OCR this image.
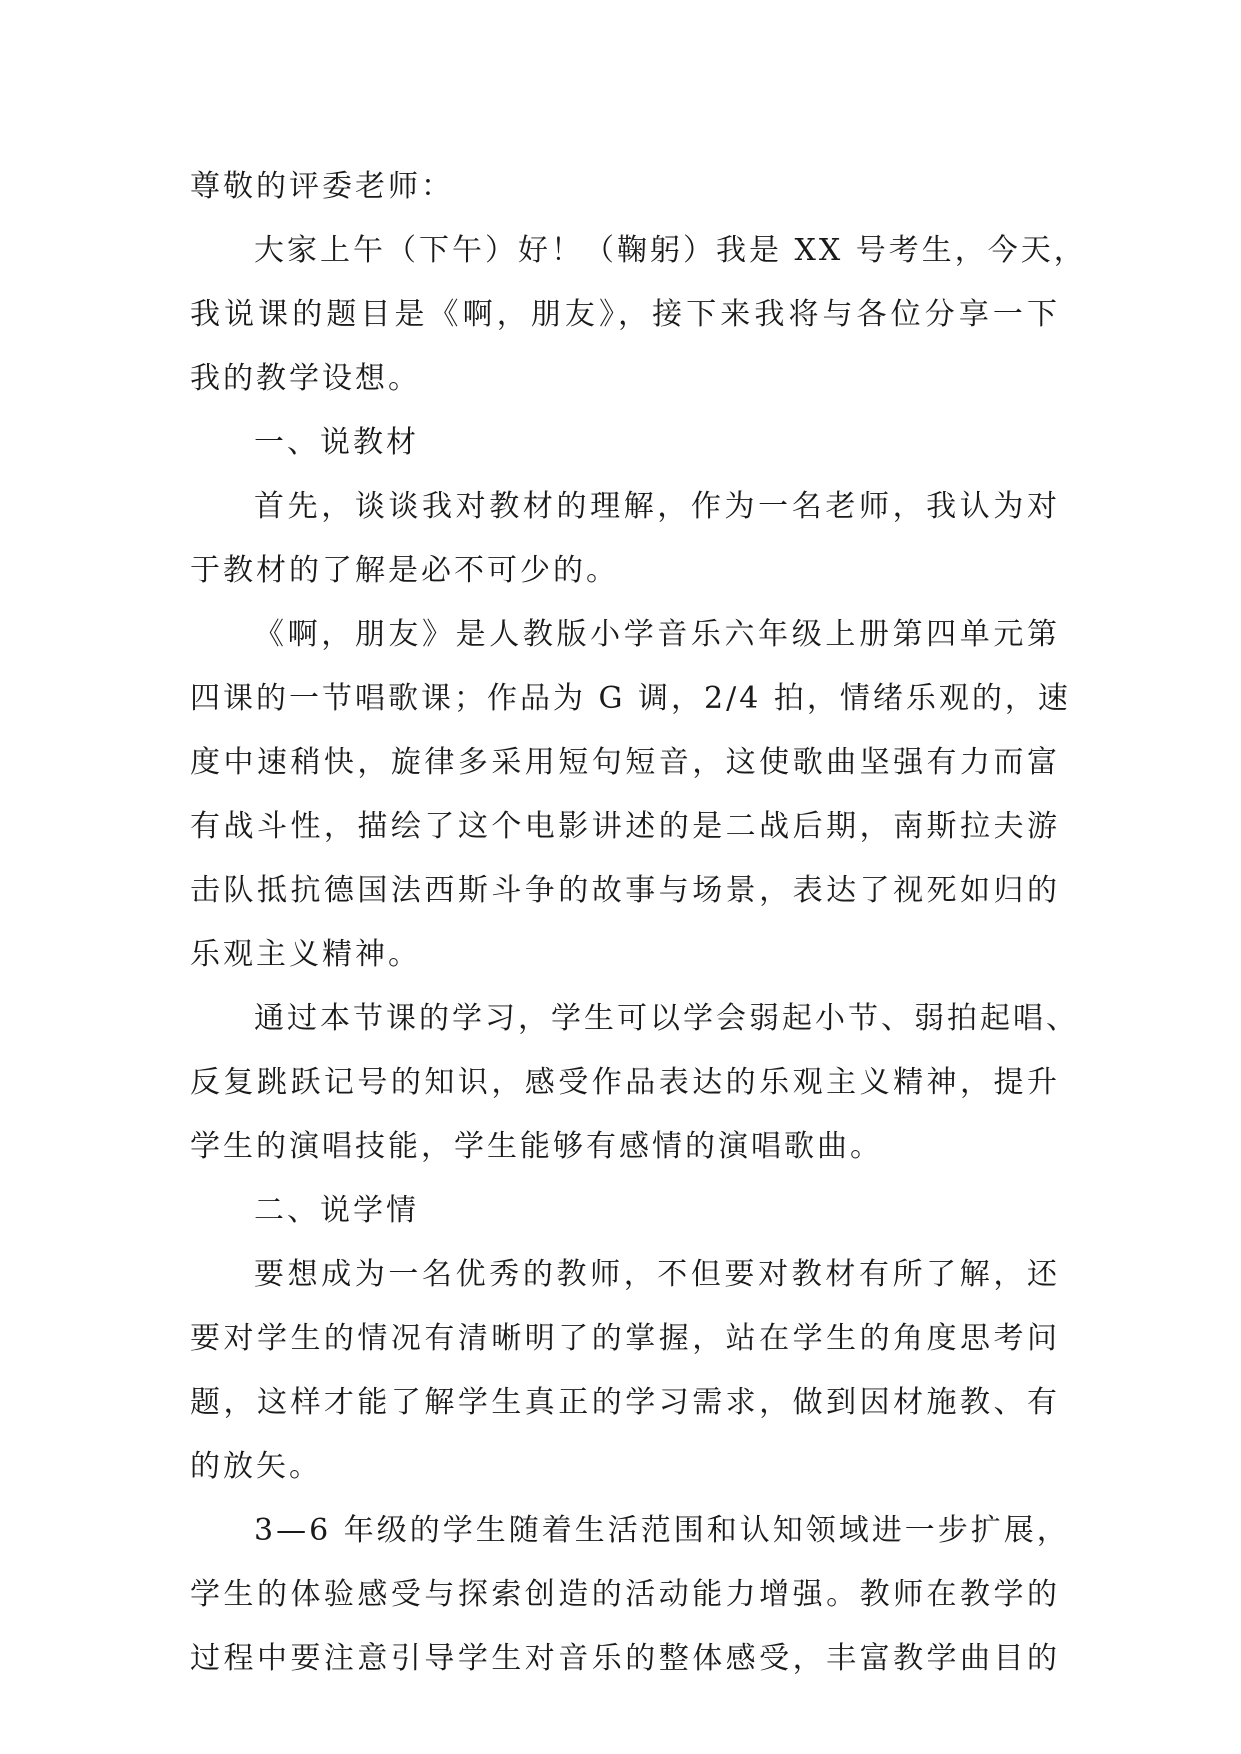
尊敬的评委老师：
大家上午（下午）好！（鞠躬）我是 XX 号考生，今天，
我说课的题目是《啊，朋友》，接下来我将与各位分享一下
我的教学设想。
一、说教材
首先，谈谈我对教材的理解，作为一名老师，我认为对
于教材的了解是必不可少的。
《啊，朋友》是人教版小学音乐六年级上册第四单元第
四课的一节唱歌课；作品为 G 调，2/4 拍，情绪乐观的，速
度中速稍快，旋律多采用短句短音，这使歌曲坚强有力而富
有战斗性，描绘了这个电影讲述的是二战后期，南斯拉夫游
击队抵抗德国法西斯斗争的故事与场景，表达了视死如归的
乐观主义精神。
通过本节课的学习，学生可以学会弱起小节、弱拍起唱、
反复跳跃记号的知识，感受作品表达的乐观主义精神，提升
学生的演唱技能，学生能够有感情的演唱歌曲。
二、说学情
要想成为一名优秀的教师，不但要对教材有所了解，还
要对学生的情况有清晰明了的掌握，站在学生的角度思考问
题，这样才能了解学生真正的学习需求，做到因材施教、有
的放矢。
3—6 年级的学生随着生活范围和认知领域进一步扩展，
学生的体验感受与探索创造的活动能力增强。教师在教学的
过程中要注意引导学生对音乐的整体感受，丰富教学曲目的
